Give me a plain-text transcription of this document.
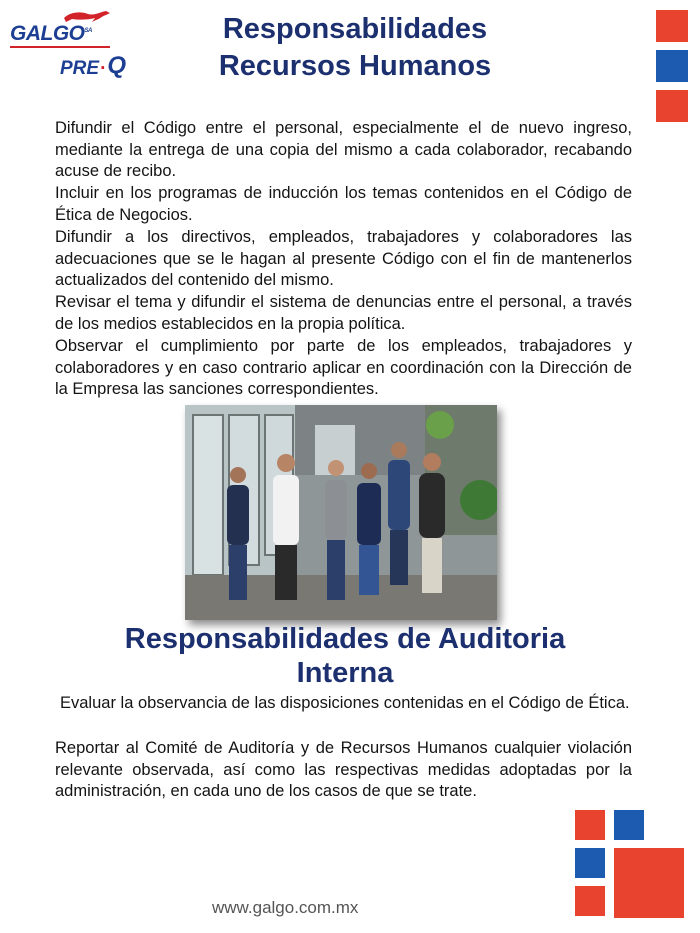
$GALGO^{SA}$
PRE · Q
Responsabilidades
Recursos Humanos

Difundir el Código entre el personal, especialmente el de nuevo ingreso, mediante la entrega de una copia del mismo a cada colaborador, recabando acuse de recibo.

Incluir en los programas de inducción los temas contenidos en el Código de Ética de Negocios.

Difundir a los directivos, empleados, trabajadores y colaboradores las adecuaciones que se le hagan al presente Código con el fin de mantenerlos actualizados del contenido del mismo.

Revisar el tema y difundir el sistema de denuncias entre el personal, a través de los medios establecidos en la propia política.

Observar el cumplimiento por parte de los empleados, trabajadores y colaboradores y en caso contrario aplicar en coordinación con la Dirección de la Empresa las sanciones correspondientes.

Responsabilidades de Auditoria
Interna

Evaluar la observancia de las disposiciones contenidas en el Código de Ética.

Reportar al Comité de Auditoría y de Recursos Humanos cualquier violación relevante observada, así como las respectivas medidas adoptadas por la administración, en cada uno de los casos de que se trate.

www.galgo.com.mx
